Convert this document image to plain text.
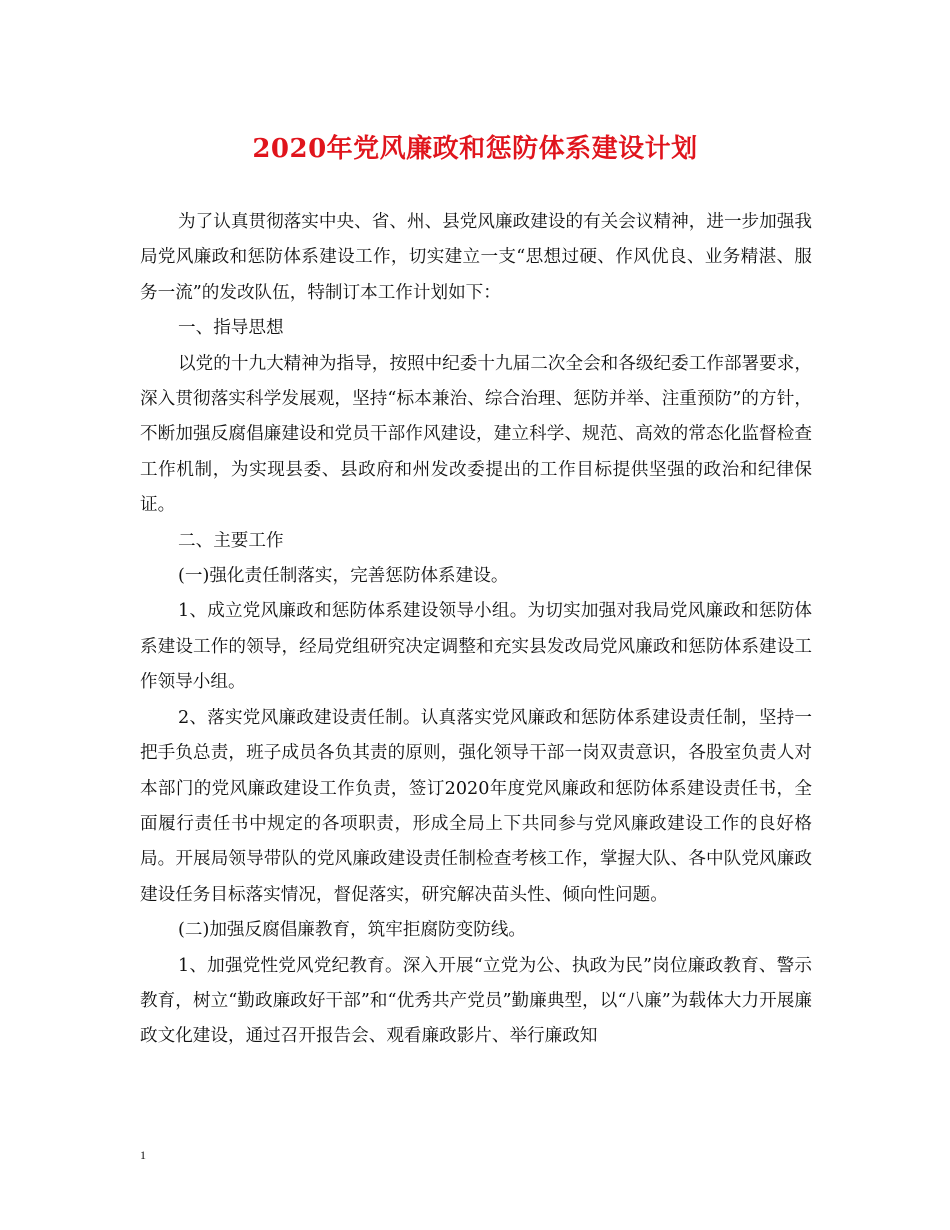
2020年党风廉政和惩防体系建设计划

为了认真贯彻落实中央、省、州、县党风廉政建设的有关会议精神，进一步加强我局党风廉政和惩防体系建设工作，切实建立一支“思想过硬、作风优良、业务精湛、服务一流”的发改队伍，特制订本工作计划如下：

一、指导思想

以党的十九大精神为指导，按照中纪委十九届二次全会和各级纪委工作部署要求，深入贯彻落实科学发展观，坚持“标本兼治、综合治理、惩防并举、注重预防”的方针，不断加强反腐倡廉建设和党员干部作风建设，建立科学、规范、高效的常态化监督检查工作机制，为实现县委、县政府和州发改委提出的工作目标提供坚强的政治和纪律保证。

二、主要工作

(一)强化责任制落实，完善惩防体系建设。

1、成立党风廉政和惩防体系建设领导小组。为切实加强对我局党风廉政和惩防体系建设工作的领导，经局党组研究决定调整和充实县发改局党风廉政和惩防体系建设工作领导小组。

2、落实党风廉政建设责任制。认真落实党风廉政和惩防体系建设责任制，坚持一把手负总责，班子成员各负其责的原则，强化领导干部一岗双责意识，各股室负责人对本部门的党风廉政建设工作负责，签订2020年度党风廉政和惩防体系建设责任书，全面履行责任书中规定的各项职责，形成全局上下共同参与党风廉政建设工作的良好格局。开展局领导带队的党风廉政建设责任制检查考核工作，掌握大队、各中队党风廉政建设任务目标落实情况，督促落实，研究解决苗头性、倾向性问题。

(二)加强反腐倡廉教育，筑牢拒腐防变防线。

1、加强党性党风党纪教育。深入开展“立党为公、执政为民”岗位廉政教育、警示教育，树立“勤政廉政好干部”和“优秀共产党员”勤廉典型，以“八廉”为载体大力开展廉政文化建设，通过召开报告会、观看廉政影片、举行廉政知

1
